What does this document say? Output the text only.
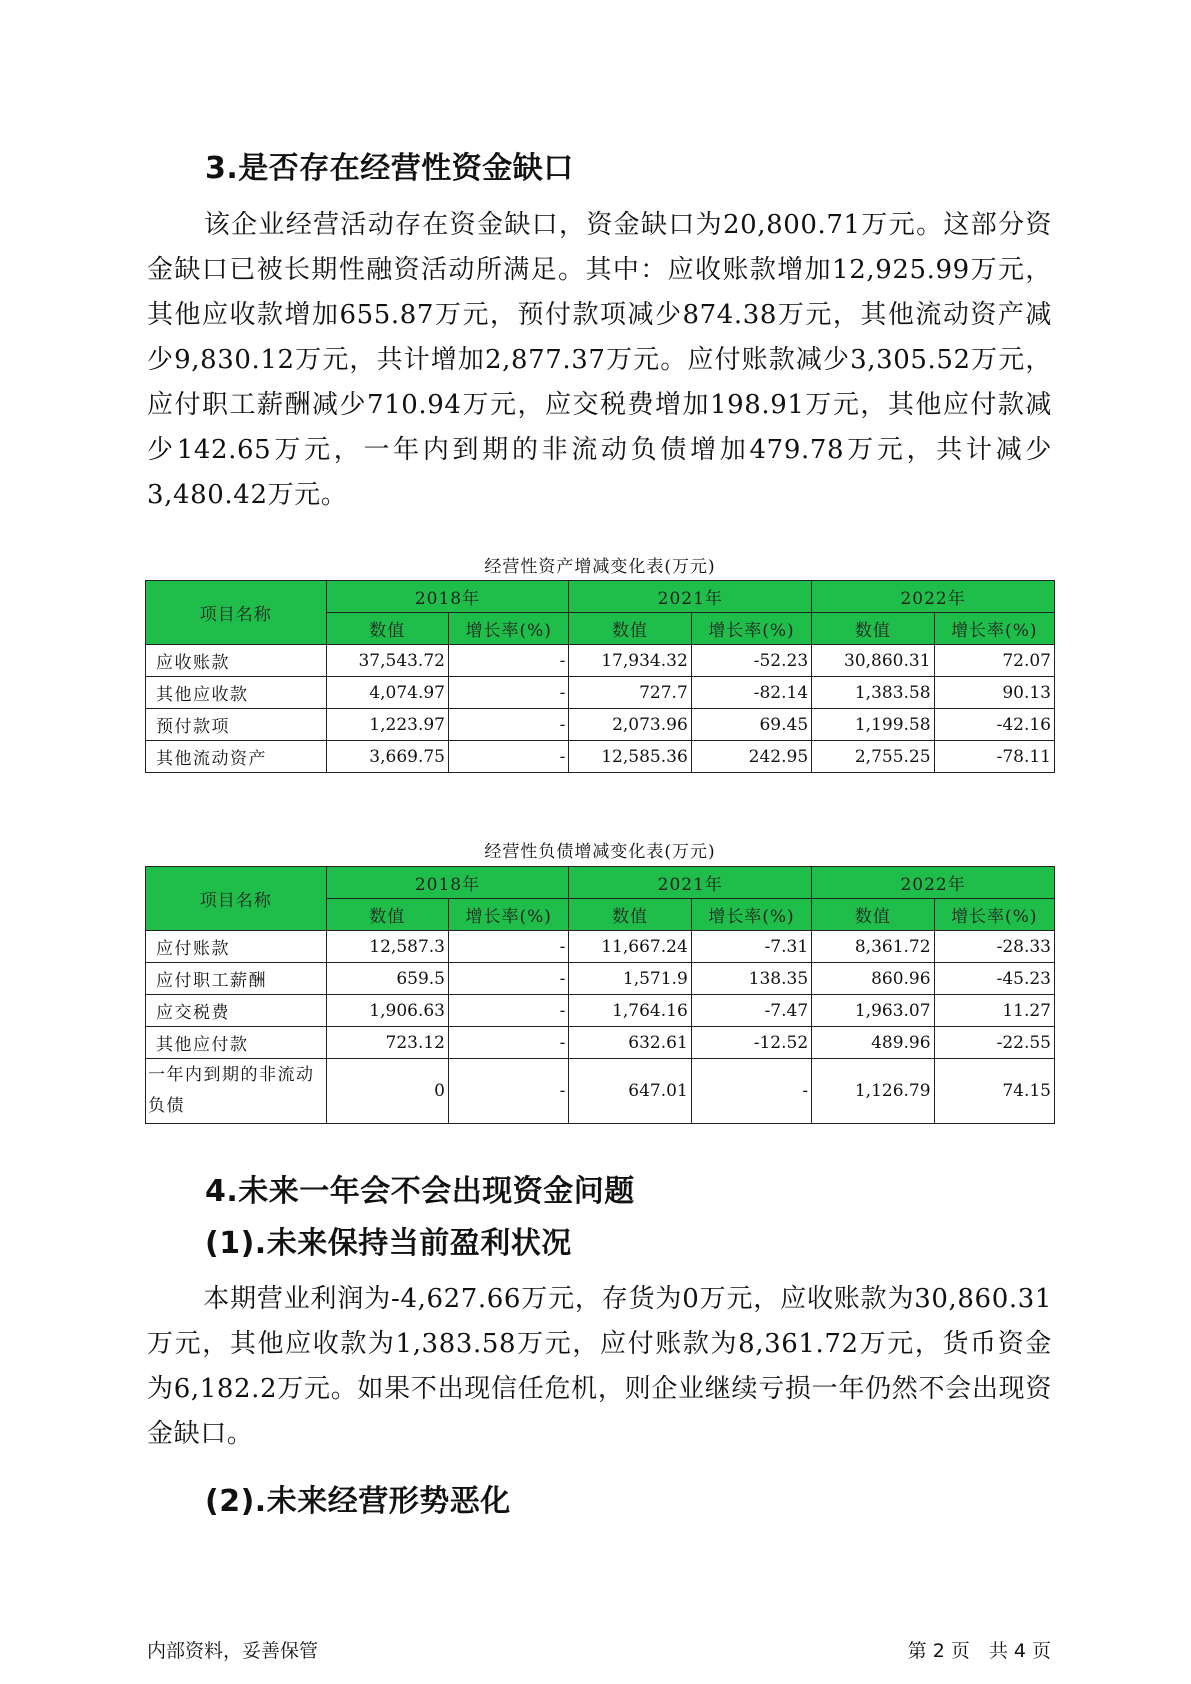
3.是否存在经营性资金缺口

该企业经营活动存在资金缺口，资金缺口为20,800.71万元。这部分资金缺口已被长期性融资活动所满足。其中：应收账款增加12,925.99万元，其他应收款增加655.87万元，预付款项减少874.38万元，其他流动资产减少9,830.12万元，共计增加2,877.37万元。应付账款减少3,305.52万元，应付职工薪酬减少710.94万元，应交税费增加198.91万元，其他应付款减少142.65万元，一年内到期的非流动负债增加479.78万元，共计减少3,480.42万元。

经营性资产增减变化表(万元)

项目名称	2018年		2021年		2022年	
	数值	增长率(%)	数值	增长率(%)	数值	增长率(%)
应收账款	37,543.72	-	17,934.32	-52.23	30,860.31	72.07
其他应收款	4,074.97	-	727.7	-82.14	1,383.58	90.13
预付款项	1,223.97	-	2,073.96	69.45	1,199.58	-42.16
其他流动资产	3,669.75	-	12,585.36	242.95	2,755.25	-78.11

经营性负债增减变化表(万元)

项目名称	2018年		2021年		2022年	
	数值	增长率(%)	数值	增长率(%)	数值	增长率(%)
应付账款	12,587.3	-	11,667.24	-7.31	8,361.72	-28.33
应付职工薪酬	659.5	-	1,571.9	138.35	860.96	-45.23
应交税费	1,906.63	-	1,764.16	-7.47	1,963.07	11.27
其他应付款	723.12	-	632.61	-12.52	489.96	-22.55
一年内到期的非流动负债	0	-	647.01	-	1,126.79	74.15
4.未来一年会不会出现资金问题
(1).未来保持当前盈利状况

本期营业利润为-4,627.66万元，存货为0万元，应收账款为30,860.31万元，其他应收款为1,383.58万元，应付账款为8,361.72万元，货币资金为6,182.2万元。如果不出现信任危机，则企业继续亏损一年仍然不会出现资金缺口。

(2).未来经营形势恶化
内部资料，妥善保管	第 2 页　共 4 页
